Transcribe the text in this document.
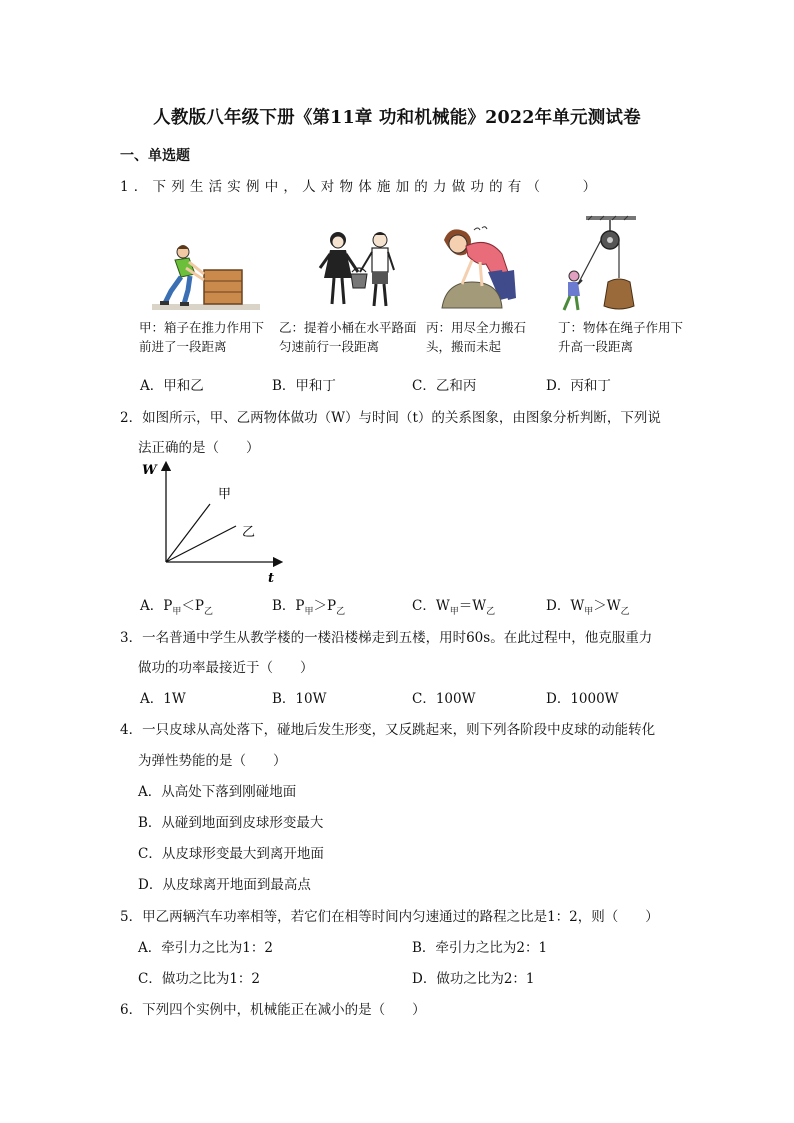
人教版八年级下册《第11章 功和机械能》2022年单元测试卷
一、单选题
1．下列生活实例中，人对物体施加的力做功的有（　　）
甲：箱子在推力作用下前进了一段距离
乙：提着小桶在水平路面匀速前行一段距离
丙：用尽全力搬石头，搬而未起
丁：物体在绳子作用下升高一段距离
A．甲和乙	B．甲和丁	C．乙和丙	D．丙和丁
2．如图所示，甲、乙两物体做功（W）与时间（t）的关系图象，由图象分析判断，下列说
法正确的是（　　）
W
t
甲
乙
A．$P_甲<P_乙$	B．$P_甲>P_乙$	C．$W_甲=W_乙$	D．$W_甲>W_乙$
3．一名普通中学生从教学楼的一楼沿楼梯走到五楼，用时60s。在此过程中，他克服重力
做功的功率最接近于（　　）
A．1W	B．10W	C．100W	D．1000W
4．一只皮球从高处落下，碰地后发生形变，又反跳起来，则下列各阶段中皮球的动能转化
为弹性势能的是（　　）
A．从高处下落到刚碰地面
B．从碰到地面到皮球形变最大
C．从皮球形变最大到离开地面
D．从皮球离开地面到最高点
5．甲乙两辆汽车功率相等，若它们在相等时间内匀速通过的路程之比是1：2，则（　　）
A．牵引力之比为1：2	B．牵引力之比为2：1
C．做功之比为1：2	D．做功之比为2：1
6．下列四个实例中，机械能正在减小的是（　　）
